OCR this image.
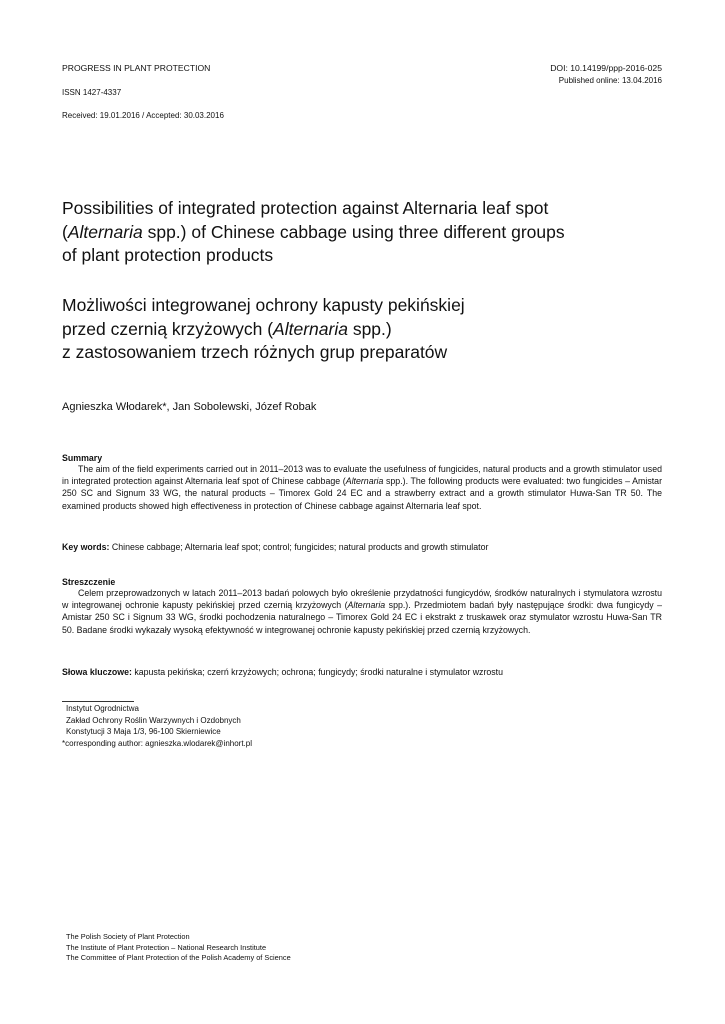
PROGRESS IN PLANT PROTECTION	DOI: 10.14199/ppp-2016-025
Published online: 13.04.2016
ISSN 1427-4337
Received: 19.01.2016 / Accepted: 30.03.2016
Possibilities of integrated protection against Alternaria leaf spot
(Alternaria spp.) of Chinese cabbage using three different groups
of plant protection products
Możliwości integrowanej ochrony kapusty pekińskiej
przed czernią krzyżowych (Alternaria spp.)
z zastosowaniem trzech różnych grup preparatów
Agnieszka Włodarek*, Jan Sobolewski, Józef Robak
Summary
The aim of the field experiments carried out in 2011–2013 was to evaluate the usefulness of fungicides, natural products and a growth stimulator used in integrated protection against Alternaria leaf spot of Chinese cabbage (Alternaria spp.). The following products were evaluated: two fungicides – Amistar 250 SC and Signum 33 WG, the natural products – Timorex Gold 24 EC and a strawberry extract and a growth stimulator Huwa-San TR 50. The examined products showed high effectiveness in protection of Chinese cabbage against Alternaria leaf spot.
Key words: Chinese cabbage; Alternaria leaf spot; control; fungicides; natural products and growth stimulator
Streszczenie
Celem przeprowadzonych w latach 2011–2013 badań polowych było określenie przydatności fungicydów, środków naturalnych i stymulatora wzrostu w integrowanej ochronie kapusty pekińskiej przed czernią krzyżowych (Alternaria spp.). Przedmiotem badań były następujące środki: dwa fungicydy – Amistar 250 SC i Signum 33 WG, środki pochodzenia naturalnego – Timorex Gold 24 EC i ekstrakt z truskawek oraz stymulator wzrostu Huwa-San TR 50. Badane środki wykazały wysoką efektywność w integrowanej ochronie kapusty pekińskiej przed czernią krzyżowych.
Słowa kluczowe: kapusta pekińska; czerń krzyżowych; ochrona; fungicydy; środki naturalne i stymulator wzrostu
Instytut Ogrodnictwa
Zakład Ochrony Roślin Warzywnych i Ozdobnych
Konstytucji 3 Maja 1/3, 96-100 Skierniewice
*corresponding author: agnieszka.wlodarek@inhort.pl
The Polish Society of Plant Protection
The Institute of Plant Protection – National Research Institute
The Committee of Plant Protection of the Polish Academy of Science
